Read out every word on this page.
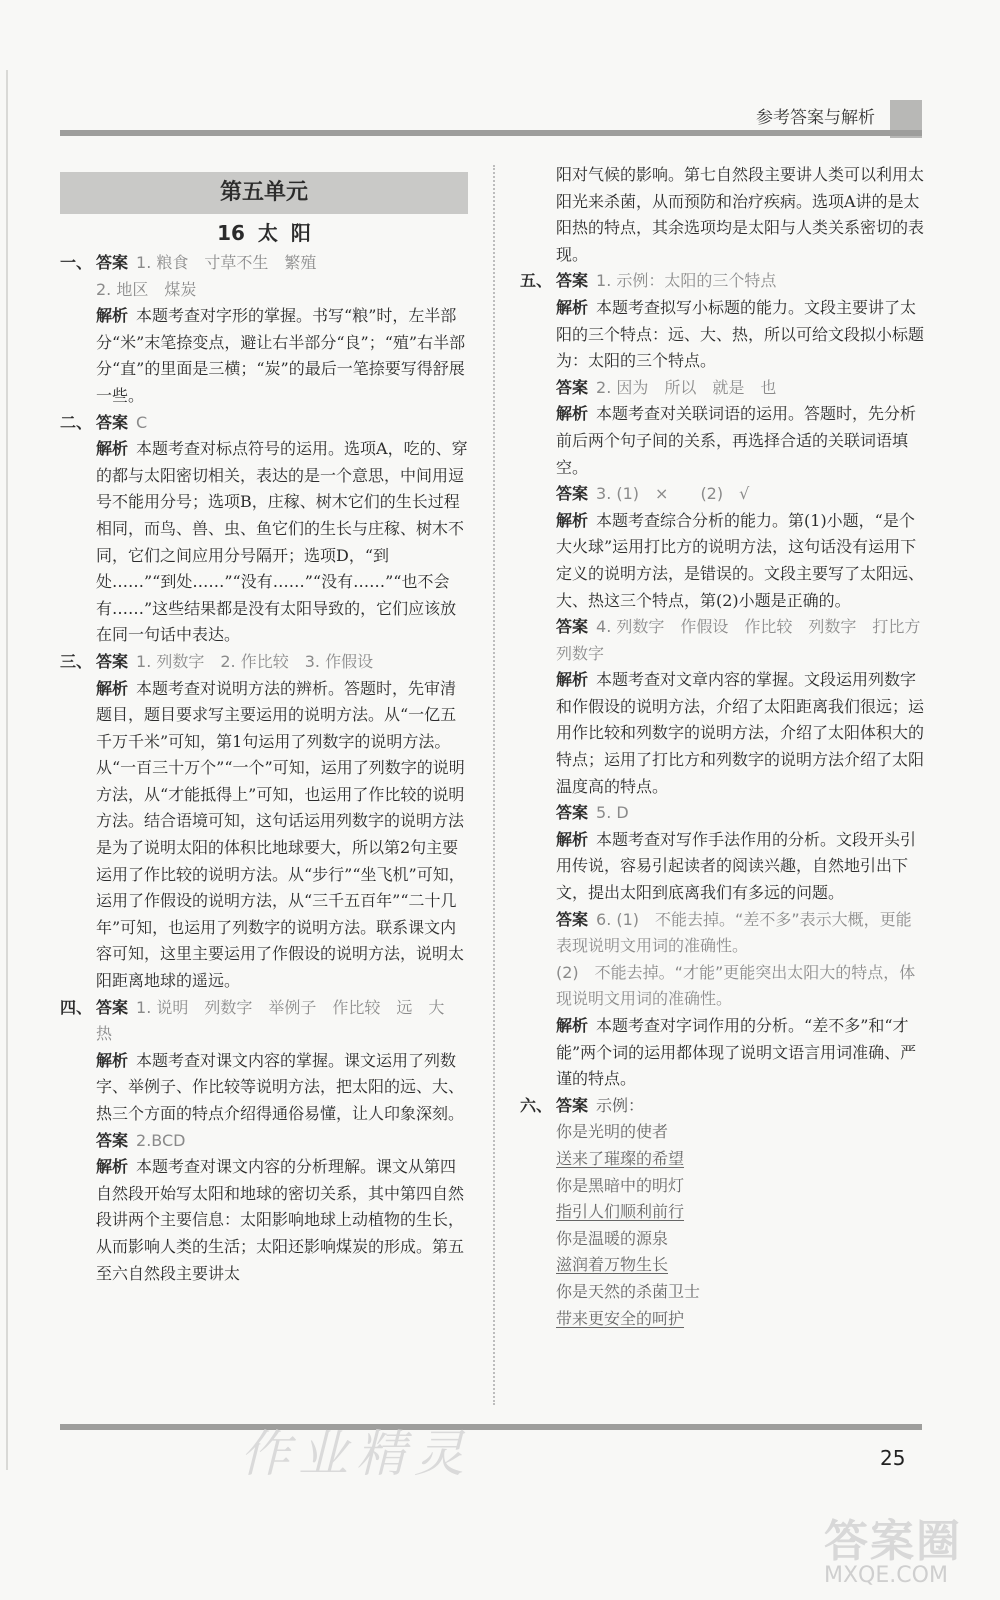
参考答案与解析
第五单元
16 太 阳
一、 答案 1. 粮食　寸草不生　繁殖

2. 地区　煤炭

解析 本题考查对字形的掌握。书写“粮”时，左半部分“米”末笔捺变点，避让右半部分“良”；“殖”右半部分“直”的里面是三横；“炭”的最后一笔捺要写得舒展一些。

二、 答案 C

解析 本题考查对标点符号的运用。选项A，吃的、穿的都与太阳密切相关，表达的是一个意思，中间用逗号不能用分号；选项B，庄稼、树木它们的生长过程相同，而鸟、兽、虫、鱼它们的生长与庄稼、树木不同，它们之间应用分号隔开；选项D，“到处……”“到处……”“没有……”“没有……”“也不会有……”这些结果都是没有太阳导致的，它们应该放在同一句话中表达。

三、 答案 1. 列数字　2. 作比较　3. 作假设

解析 本题考查对说明方法的辨析。答题时，先审清题目，题目要求写主要运用的说明方法。从“一亿五千万千米”可知，第1句运用了列数字的说明方法。从“一百三十万个”“一个”可知，运用了列数字的说明方法，从“才能抵得上”可知，也运用了作比较的说明方法。结合语境可知，这句话运用列数字的说明方法是为了说明太阳的体积比地球要大，所以第2句主要运用了作比较的说明方法。从“步行”“坐飞机”可知，运用了作假设的说明方法，从“三千五百年”“二十几年”可知，也运用了列数字的说明方法。联系课文内容可知，这里主要运用了作假设的说明方法，说明太阳距离地球的遥远。

四、 答案 1. 说明　列数字　举例子　作比较　远　大　热

解析 本题考查对课文内容的掌握。课文运用了列数字、举例子、作比较等说明方法，把太阳的远、大、热三个方面的特点介绍得通俗易懂，让人印象深刻。

答案 2.BCD

解析 本题考查对课文内容的分析理解。课文从第四自然段开始写太阳和地球的密切关系，其中第四自然段讲两个主要信息：太阳影响地球上动植物的生长，从而影响人类的生活；太阳还影响煤炭的形成。第五至六自然段主要讲太

阳对气候的影响。第七自然段主要讲人类可以利用太阳光来杀菌，从而预防和治疗疾病。选项A讲的是太阳热的特点，其余选项均是太阳与人类关系密切的表现。

五、 答案 1. 示例：太阳的三个特点

解析 本题考查拟写小标题的能力。文段主要讲了太阳的三个特点：远、大、热，所以可给文段拟小标题为：太阳的三个特点。

答案 2. 因为　所以　就是　也

解析 本题考查对关联词语的运用。答题时，先分析前后两个句子间的关系，再选择合适的关联词语填空。

答案 3. (1)　×　　(2)　√

解析 本题考查综合分析的能力。第(1)小题，“是个大火球”运用打比方的说明方法，这句话没有运用下定义的说明方法，是错误的。文段主要写了太阳远、大、热这三个特点，第(2)小题是正确的。

答案 4. 列数字　作假设　作比较　列数字　打比方　列数字

解析 本题考查对文章内容的掌握。文段运用列数字和作假设的说明方法，介绍了太阳距离我们很远；运用作比较和列数字的说明方法，介绍了太阳体积大的特点；运用了打比方和列数字的说明方法介绍了太阳温度高的特点。

答案 5. D

解析 本题考查对写作手法作用的分析。文段开头引用传说，容易引起读者的阅读兴趣，自然地引出下文，提出太阳到底离我们有多远的问题。

答案 6. (1)　不能去掉。“差不多”表示大概，更能表现说明文用词的准确性。

(2)　不能去掉。“才能”更能突出太阳大的特点，体现说明文用词的准确性。

解析 本题考查对字词作用的分析。“差不多”和“才能”两个词的运用都体现了说明文语言用词准确、严谨的特点。

六、 答案 示例：

你是光明的使者

送来了璀璨的希望

你是黑暗中的明灯

指引人们顺利前行

你是温暖的源泉

滋润着万物生长

你是天然的杀菌卫士

带来更安全的呵护

作业精灵	25
答案圈
MXQE.COM
